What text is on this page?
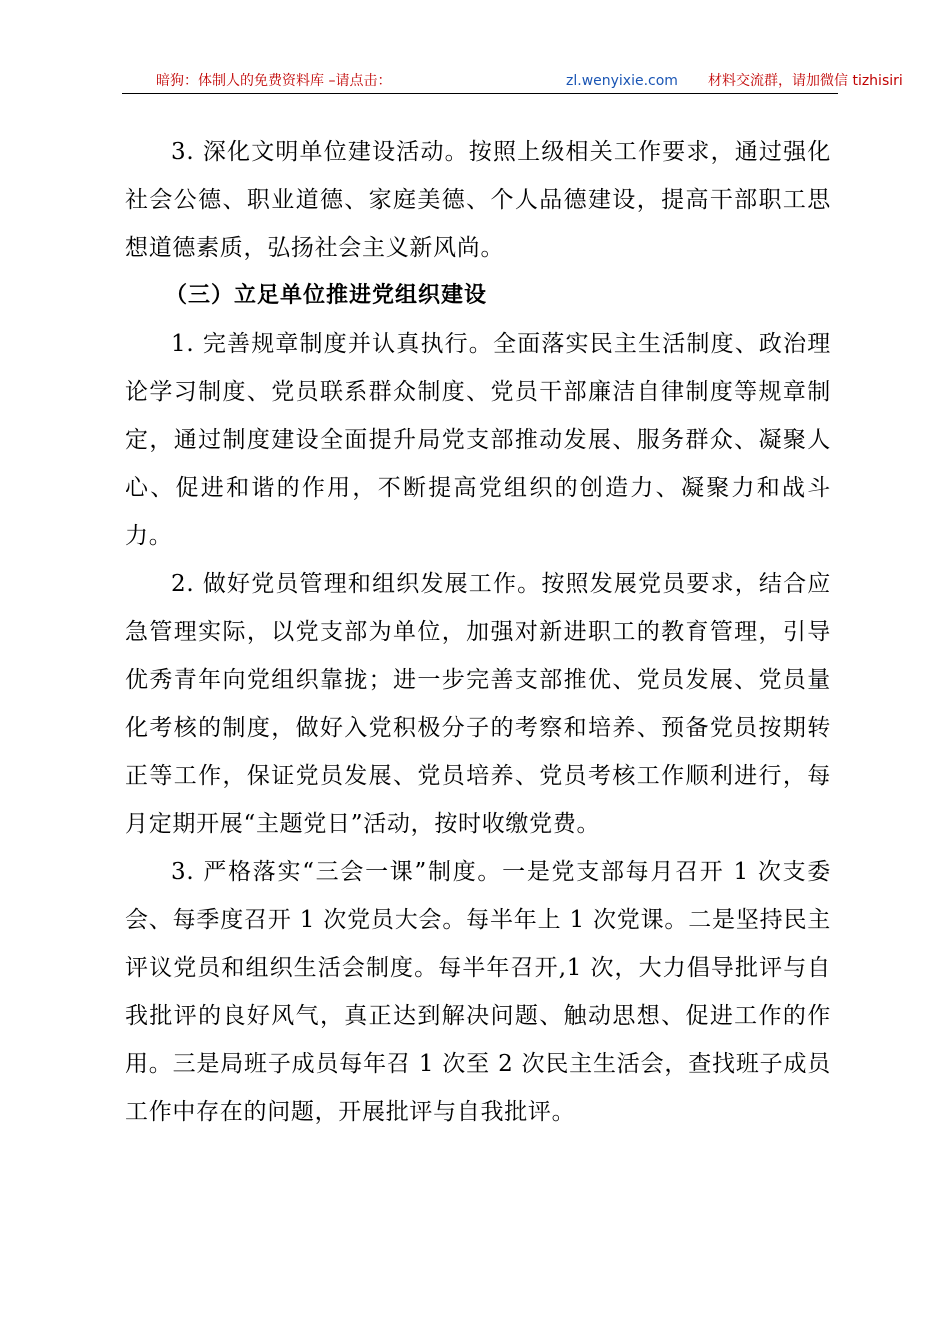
暗狗：体制人的免费资料库 –请点击：	zl.wenyixie.com 材料交流群，请加微信 tizhisiri

3. 深化文明单位建设活动。按照上级相关工作要求，通过强化社会公德、职业道德、家庭美德、个人品德建设，提高干部职工思想道德素质，弘扬社会主义新风尚。

（三）立足单位推进党组织建设

1. 完善规章制度并认真执行。全面落实民主生活制度、政治理论学习制度、党员联系群众制度、党员干部廉洁自律制度等规章制定，通过制度建设全面提升局党支部推动发展、服务群众、凝聚人心、促进和谐的作用，不断提高党组织的创造力、凝聚力和战斗力。

2. 做好党员管理和组织发展工作。按照发展党员要求，结合应急管理实际，以党支部为单位，加强对新进职工的教育管理，引导优秀青年向党组织靠拢；进一步完善支部推优、党员发展、党员量化考核的制度，做好入党积极分子的考察和培养、预备党员按期转正等工作，保证党员发展、党员培养、党员考核工作顺利进行，每月定期开展“主题党日”活动，按时收缴党费。

3. 严格落实“三会一课”制度。一是党支部每月召开 1 次支委会、每季度召开 1 次党员大会。每半年上 1 次党课。二是坚持民主评议党员和组织生活会制度。每半年召开,1 次，大力倡导批评与自我批评的良好风气，真正达到解决问题、触动思想、促进工作的作用。三是局班子成员每年召 1 次至 2 次民主生活会，查找班子成员工作中存在的问题，开展批评与自我批评。
